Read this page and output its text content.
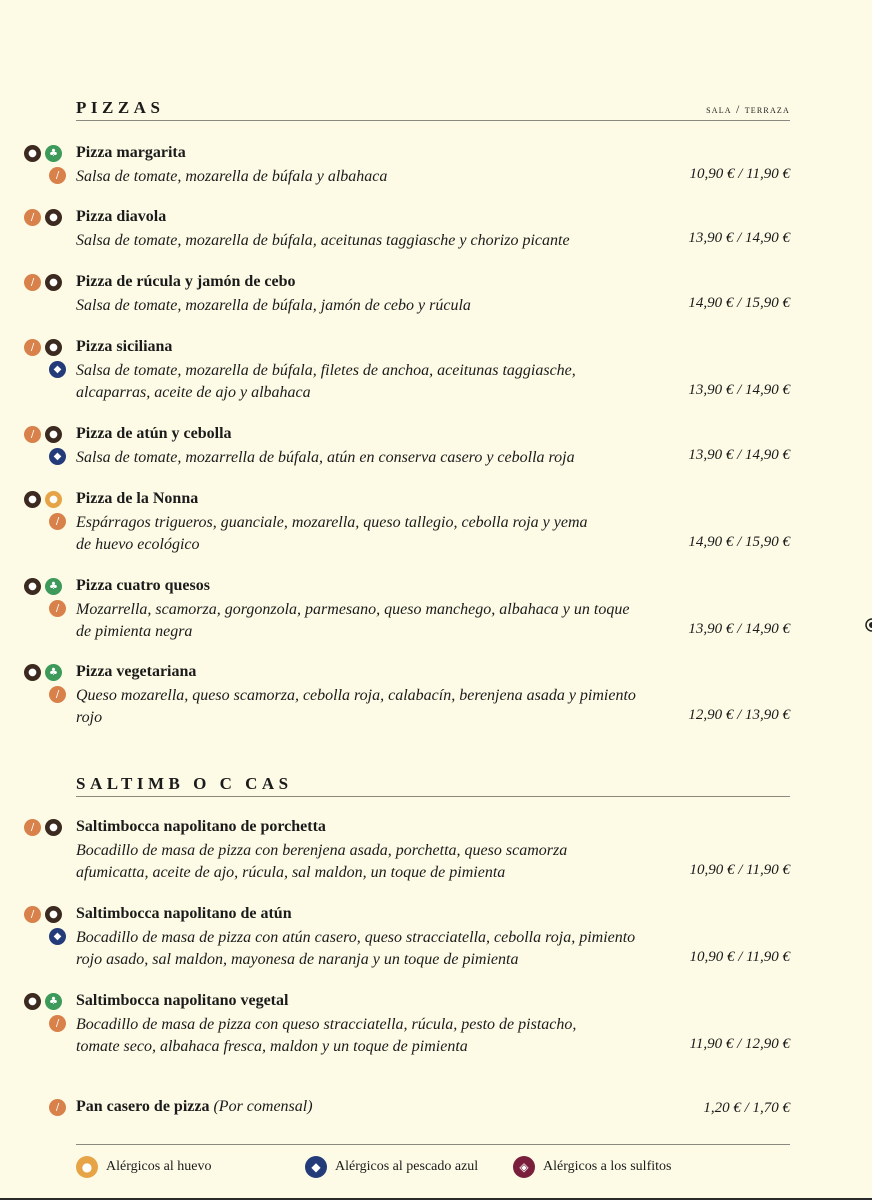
PIZZAS	sala / terraza
●	♣
/
Pizza margarita
Salsa de tomate, mozarella de búfala y albahaca	10,90 € / 11,90 €
/	● Pizza diavola
Salsa de tomate, mozarella de búfala, aceitunas taggiasche y chorizo picante	13,90 € / 14,90 €
/	● Pizza de rúcula y jamón de cebo
Salsa de tomate, mozarella de búfala, jamón de cebo y rúcula	14,90 € / 15,90 €
/	●
◆
Pizza siciliana
Salsa de tomate, mozarella de búfala, filetes de anchoa, aceitunas taggiasche, alcaparras, aceite de ajo y albahaca	13,90 € / 14,90 €
/	●
◆
Pizza de atún y cebolla
Salsa de tomate, mozarrella de búfala, atún en conserva casero y cebolla roja	13,90 € / 14,90 €
●	●
/
Pizza de la Nonna
Espárragos trigueros, guanciale, mozarella, queso tallegio, cebolla roja y yema de huevo ecológico	14,90 € / 15,90 €
●	♣
/
Pizza cuatro quesos
Mozarrella, scamorza, gorgonzola, parmesano, queso manchego, albahaca y un toque de pimienta negra	13,90 € / 14,90 €
●	♣
/
Pizza vegetariana
Queso mozarella, queso scamorza, cebolla roja, calabacín, berenjena asada y pimiento rojo	12,90 € / 13,90 €
SALTIMB O C CAS
/	● Saltimbocca napolitano de porchetta
Bocadillo de masa de pizza con berenjena asada, porchetta, queso scamorza afumicatta, aceite de ajo, rúcula, sal maldon, un toque de pimienta	10,90 € / 11,90 €
/	●
◆
Saltimbocca napolitano de atún
Bocadillo de masa de pizza con atún casero, queso stracciatella, cebolla roja, pimiento rojo asado, sal maldon, mayonesa de naranja y un toque de pimienta	10,90 € / 11,90 €
●	♣
/
Saltimbocca napolitano vegetal
Bocadillo de masa de pizza con queso stracciatella, rúcula, pesto de pistacho, tomate seco, albahaca fresca, maldon y un toque de pimienta	11,90 € / 12,90 €
/	Pan casero de pizza (Por comensal)	1,20 € / 1,70 €
● Alérgicos al huevo	◆	Alérgicos al pescado azul	◈	Alérgicos a los sulfitos
